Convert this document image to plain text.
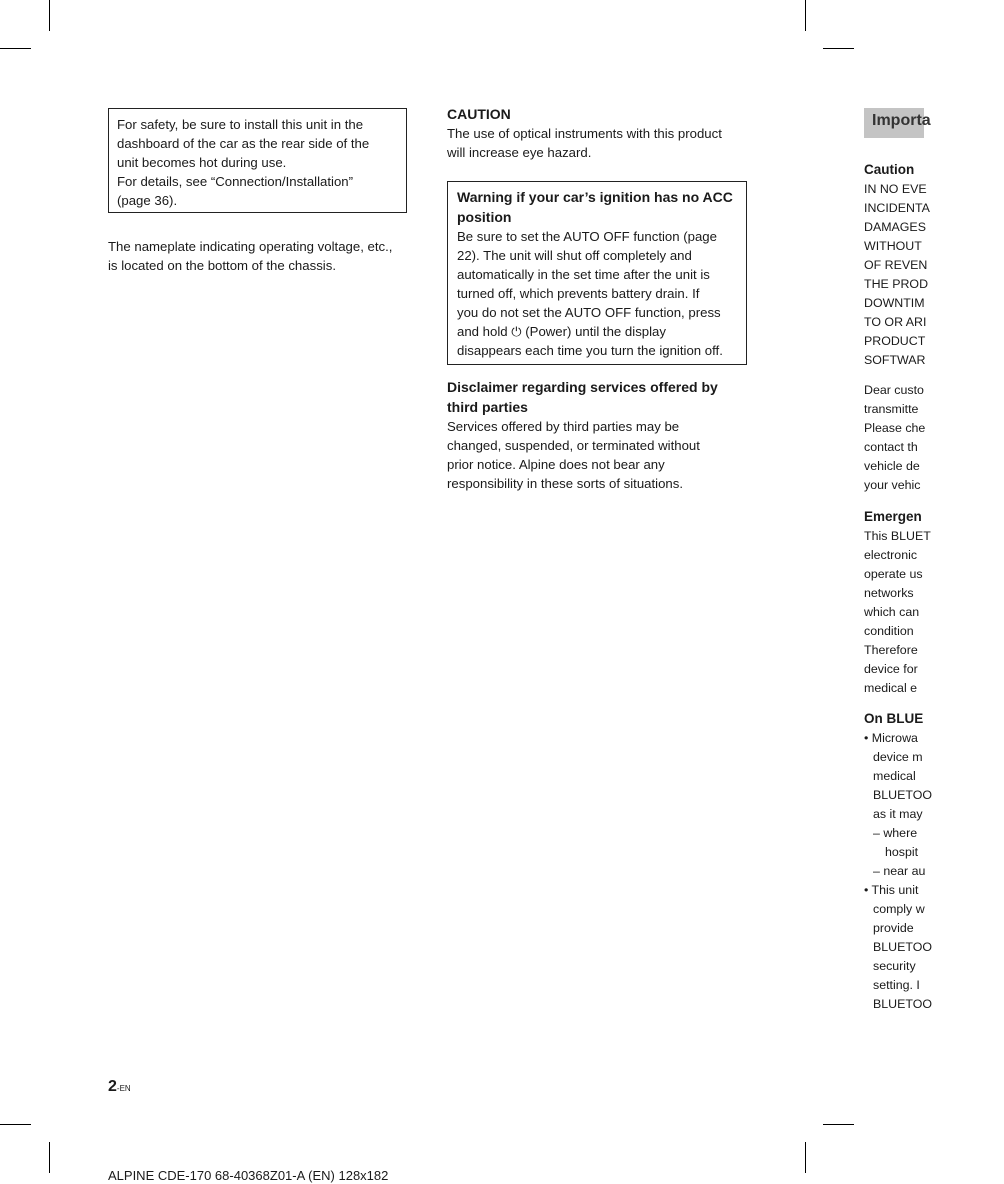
For safety, be sure to install this unit in the

dashboard of the car as the rear side of the

unit becomes hot during use.

For details, see “Connection/Installation”

(page 36).

The nameplate indicating operating voltage, etc.,

is located on the bottom of the chassis.

CAUTION

The use of optical instruments with this product

will increase eye hazard.

Warning if your car’s ignition has no ACC

position

Be sure to set the AUTO OFF function (page

22). The unit will shut off completely and

automatically in the set time after the unit is

turned off, which prevents battery drain. If

you do not set the AUTO OFF function, press

and hold ⏻ (Power) until the display

disappears each time you turn the ignition off.

Disclaimer regarding services offered by

third parties

Services offered by third parties may be

changed, suspended, or terminated without

prior notice. Alpine does not bear any

responsibility in these sorts of situations.

Importa

Caution

IN NO EVE

INCIDENTA

DAMAGES

WITHOUT

OF REVEN

THE PROD

DOWNTIM

TO OR ARI

PRODUCT

SOFTWAR

Dear custo

transmitte

Please che

contact th

vehicle de

your vehic

Emergen

This BLUET

electronic

operate us

networks

which can

condition

Therefore

device for

medical e

On BLUE

• Microwa

device m

medical

BLUETOO

as it may

– where

hospit

– near au

• This unit

comply w

provide

BLUETOO

security

setting. I

BLUETOO

2-EN
ALPINE CDE-170 68-40368Z01-A (EN) 128x182
